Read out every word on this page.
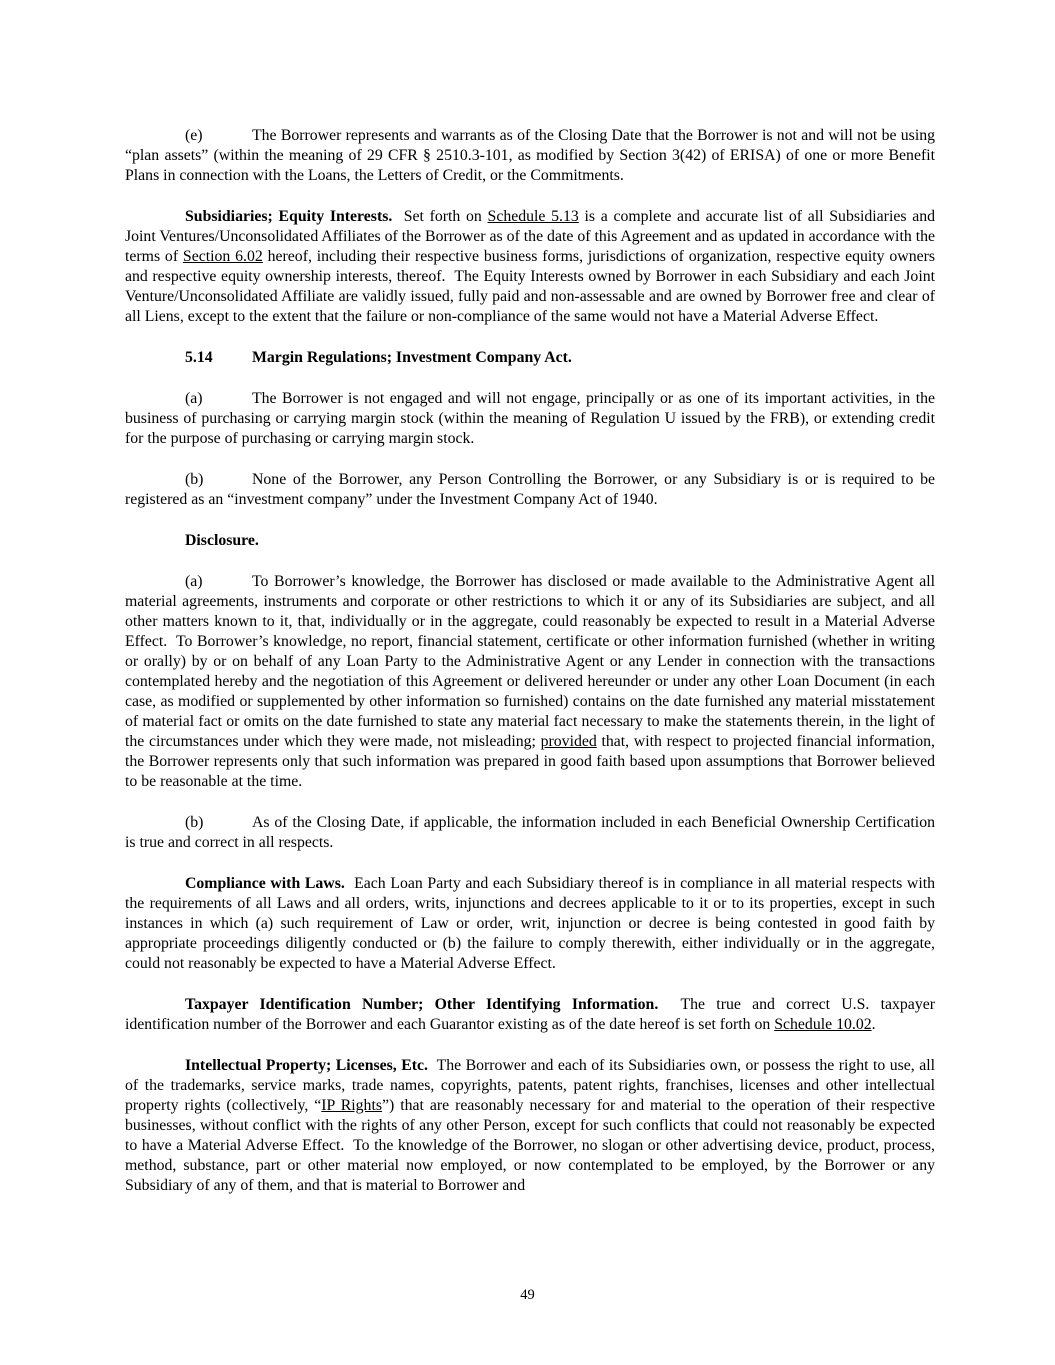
(e)	The Borrower represents and warrants as of the Closing Date that the Borrower is not and will not be using “plan assets” (within the meaning of 29 CFR § 2510.3-101, as modified by Section 3(42) of ERISA) of one or more Benefit Plans in connection with the Loans, the Letters of Credit, or the Commitments.

Subsidiaries; Equity Interests.  Set forth on Schedule 5.13 is a complete and accurate list of all Subsidiaries and Joint Ventures/Unconsolidated Affiliates of the Borrower as of the date of this Agreement and as updated in accordance with the terms of Section 6.02 hereof, including their respective business forms, jurisdictions of organization, respective equity owners and respective equity ownership interests, thereof.  The Equity Interests owned by Borrower in each Subsidiary and each Joint Venture/Unconsolidated Affiliate are validly issued, fully paid and non-assessable and are owned by Borrower free and clear of all Liens, except to the extent that the failure or non-compliance of the same would not have a Material Adverse Effect.

5.14 Margin Regulations; Investment Company Act.

(a)	The Borrower is not engaged and will not engage, principally or as one of its important activities, in the business of purchasing or carrying margin stock (within the meaning of Regulation U issued by the FRB), or extending credit for the purpose of purchasing or carrying margin stock.

(b)	None of the Borrower, any Person Controlling the Borrower, or any Subsidiary is or is required to be registered as an “investment company” under the Investment Company Act of 1940.

Disclosure.

(a)	To Borrower’s knowledge, the Borrower has disclosed or made available to the Administrative Agent all material agreements, instruments and corporate or other restrictions to which it or any of its Subsidiaries are subject, and all other matters known to it, that, individually or in the aggregate, could reasonably be expected to result in a Material Adverse Effect.  To Borrower’s knowledge, no report, financial statement, certificate or other information furnished (whether in writing or orally) by or on behalf of any Loan Party to the Administrative Agent or any Lender in connection with the transactions contemplated hereby and the negotiation of this Agreement or delivered hereunder or under any other Loan Document (in each case, as modified or supplemented by other information so furnished) contains on the date furnished any material misstatement of material fact or omits on the date furnished to state any material fact necessary to make the statements therein, in the light of the circumstances under which they were made, not misleading; provided that, with respect to projected financial information, the Borrower represents only that such information was prepared in good faith based upon assumptions that Borrower believed to be reasonable at the time.

(b)	As of the Closing Date, if applicable, the information included in each Beneficial Ownership Certification is true and correct in all respects.

Compliance with Laws.  Each Loan Party and each Subsidiary thereof is in compliance in all material respects with the requirements of all Laws and all orders, writs, injunctions and decrees applicable to it or to its properties, except in such instances in which (a) such requirement of Law or order, writ, injunction or decree is being contested in good faith by appropriate proceedings diligently conducted or (b) the failure to comply therewith, either individually or in the aggregate, could not reasonably be expected to have a Material Adverse Effect.

Taxpayer Identification Number; Other Identifying Information.  The true and correct U.S. taxpayer identification number of the Borrower and each Guarantor existing as of the date hereof is set forth on Schedule 10.02.

Intellectual Property; Licenses, Etc.  The Borrower and each of its Subsidiaries own, or possess the right to use, all of the trademarks, service marks, trade names, copyrights, patents, patent rights, franchises, licenses and other intellectual property rights (collectively, “IP Rights”) that are reasonably necessary for and material to the operation of their respective businesses, without conflict with the rights of any other Person, except for such conflicts that could not reasonably be expected to have a Material Adverse Effect.  To the knowledge of the Borrower, no slogan or other advertising device, product, process, method, substance, part or other material now employed, or now contemplated to be employed, by the Borrower or any Subsidiary of any of them, and that is material to Borrower and

49
